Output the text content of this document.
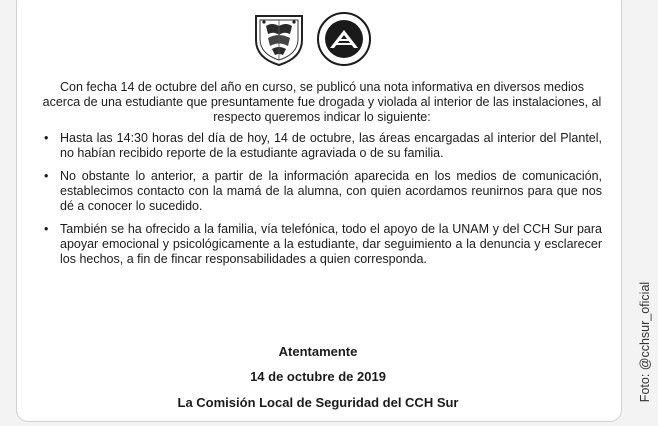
Con fecha 14 de octubre del año en curso, se publicó una nota informativa en diversos medios acerca de una estudiante que presuntamente fue drogada y violada al interior de las instalaciones, al respecto queremos indicar lo siguiente:

• Hasta las 14:30 horas del día de hoy, 14 de octubre, las áreas encargadas al interior del Plantel, no habían recibido reporte de la estudiante agraviada o de su familia.
• No obstante lo anterior, a partir de la información aparecida en los medios de comunicación, establecimos contacto con la mamá de la alumna, con quien acordamos reunirnos para que nos dé a conocer lo sucedido.
• También se ha ofrecido a la familia, vía telefónica, todo el apoyo de la UNAM y del CCH Sur para apoyar emocional y psicológicamente a la estudiante, dar seguimiento a la denuncia y esclarecer los hechos, a fin de fincar responsabilidades a quien corresponda.
Atentamente
14 de octubre de 2019
La Comisión Local de Seguridad del CCH Sur
Foto: @cchsur_oficial
